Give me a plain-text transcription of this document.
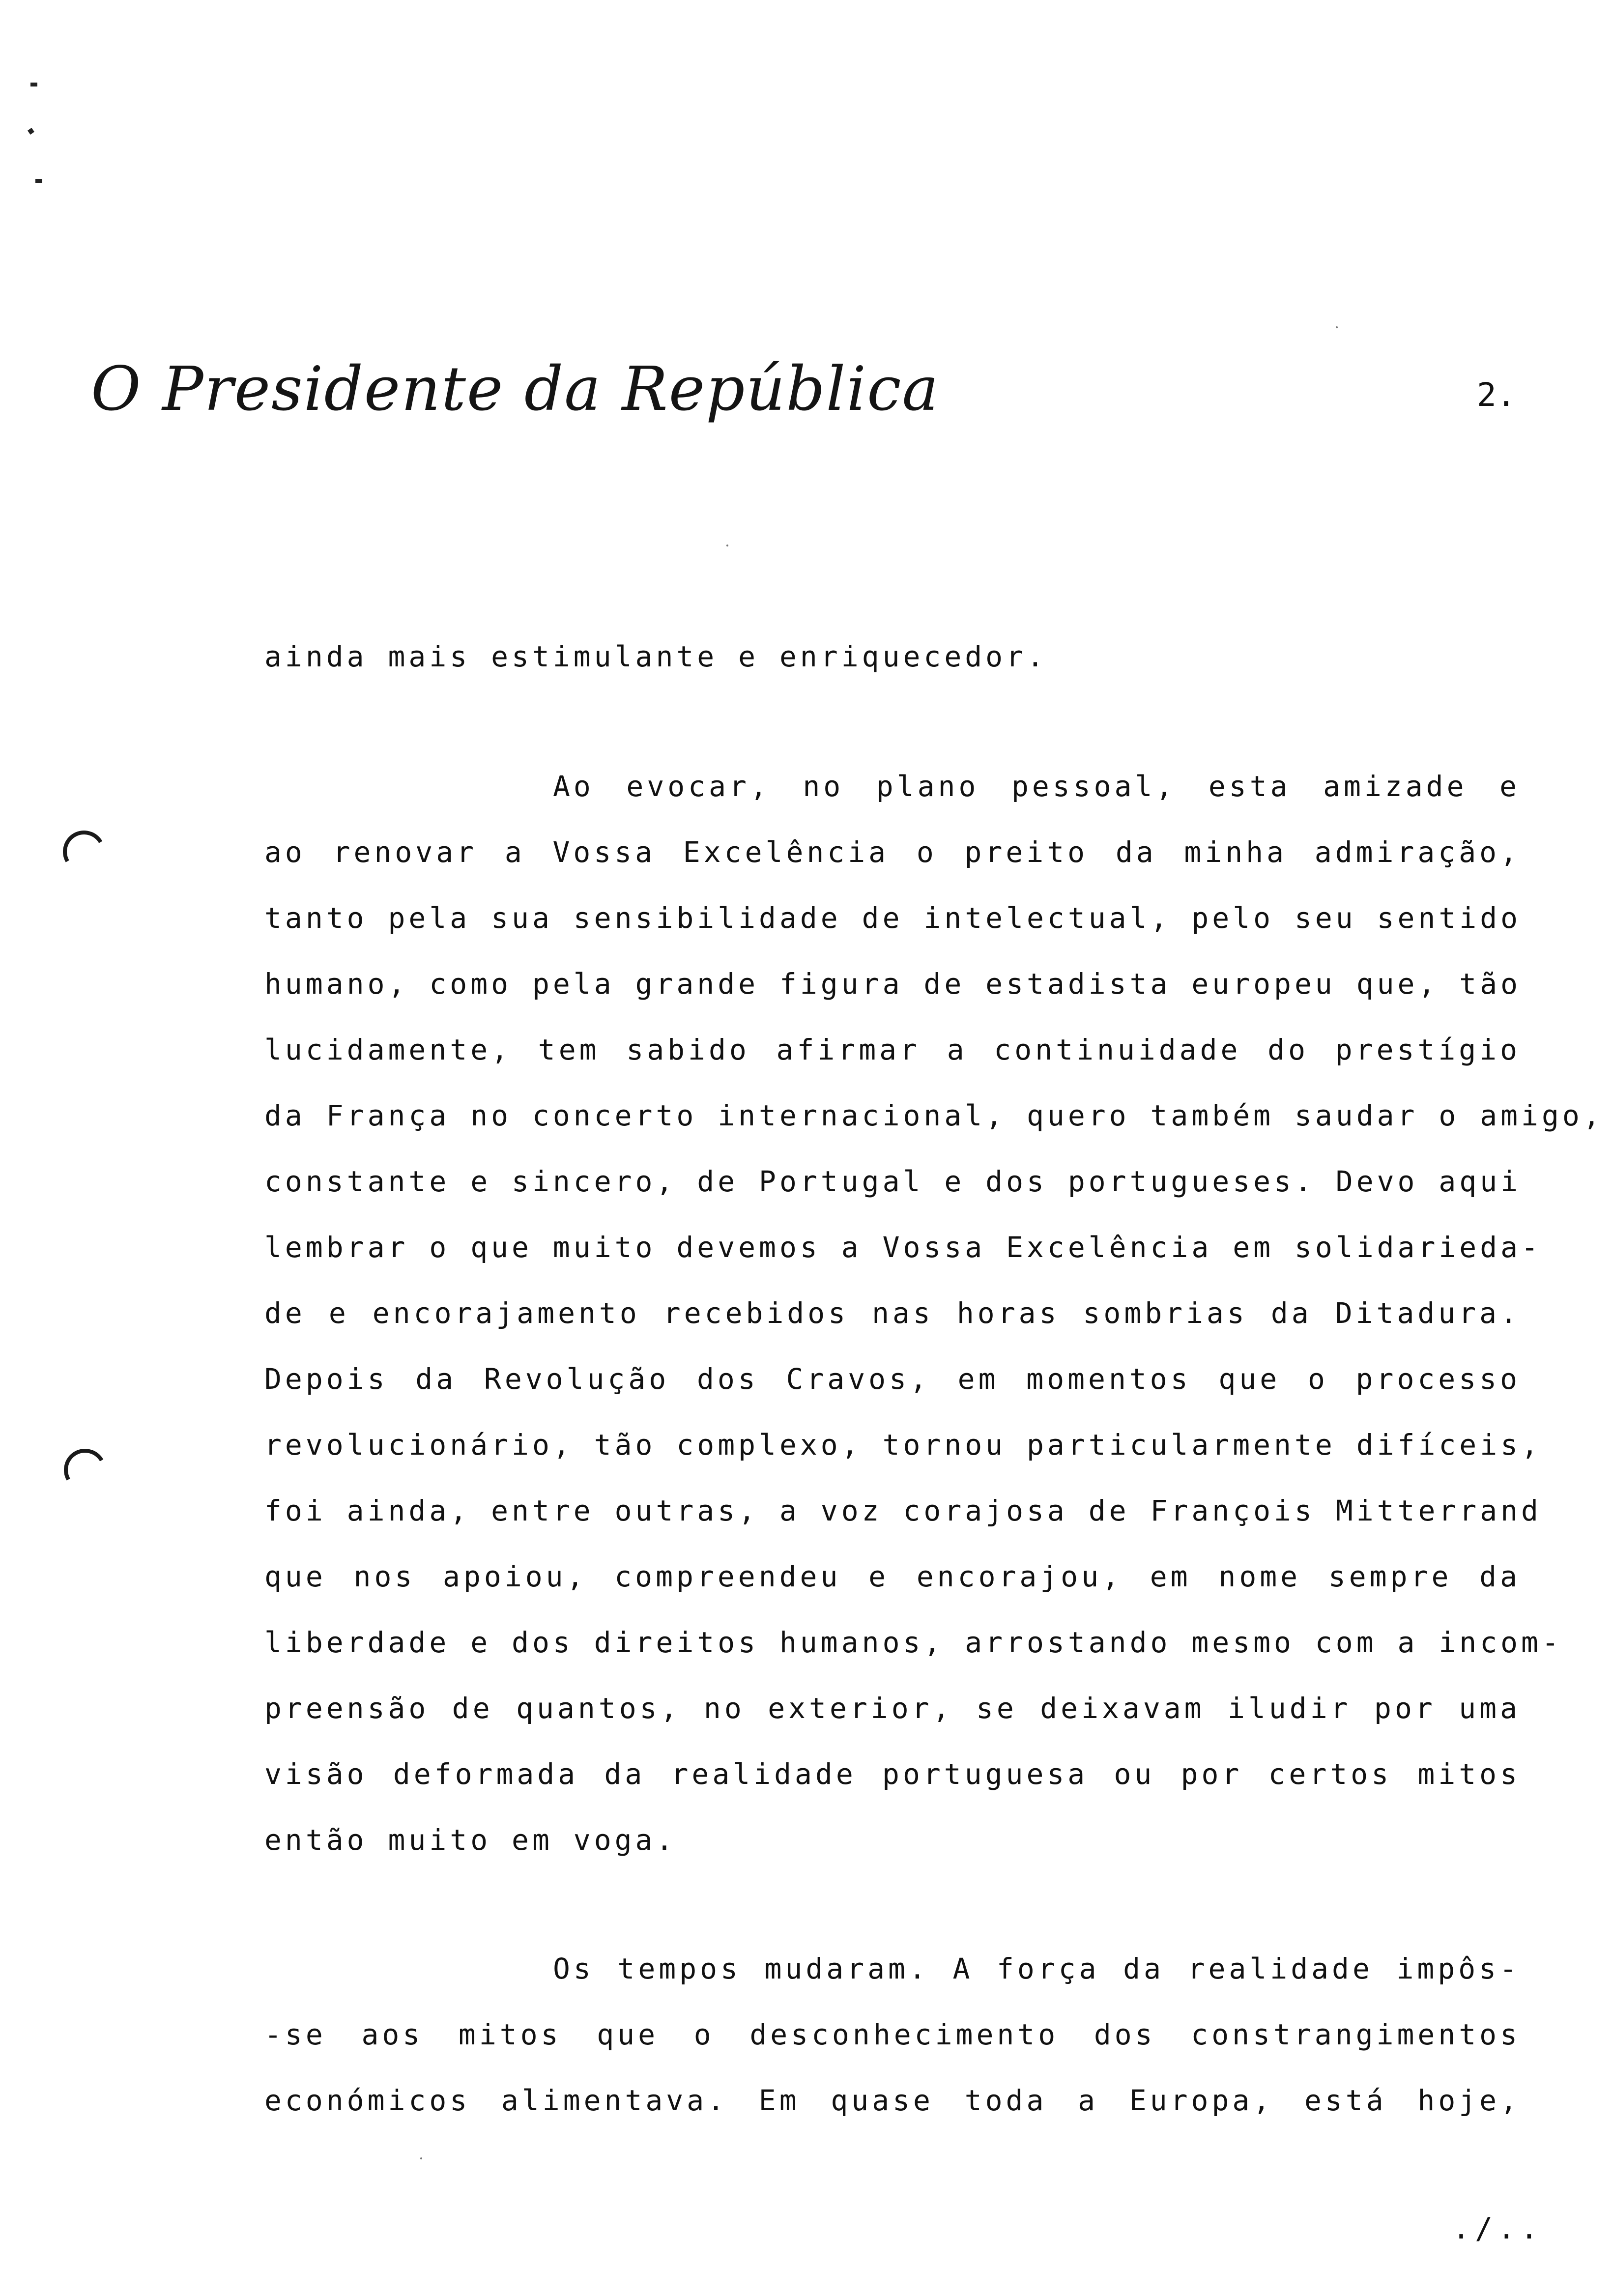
O Presidente da República	2.
ainda mais estimulante e enriquecedor.
Ao evocar, no plano pessoal, esta amizade e
ao renovar a Vossa Excelência o preito da minha admiração,
tanto pela sua sensibilidade de intelectual, pelo seu sentido
humano, como pela grande figura de estadista europeu que, tão
lucidamente, tem sabido afirmar a continuidade do prestígio
da França no concerto internacional, quero também saudar o amigo,
constante e sincero, de Portugal e dos portugueses. Devo aqui
lembrar o que muito devemos a Vossa Excelência em solidarieda-
de e encorajamento recebidos nas horas sombrias da Ditadura.
Depois da Revolução dos Cravos, em momentos que o processo
revolucionário, tão complexo, tornou particularmente difíceis,
foi ainda, entre outras, a voz corajosa de François Mitterrand
que nos apoiou, compreendeu e encorajou, em nome sempre da
liberdade e dos direitos humanos, arrostando mesmo com a incom-
preensão de quantos, no exterior, se deixavam iludir por uma
visão deformada da realidade portuguesa ou por certos mitos
então muito em voga.
Os tempos mudaram. A força da realidade impôs-
-se aos mitos que o desconhecimento dos constrangimentos
económicos alimentava. Em quase toda a Europa, está hoje,
./..
